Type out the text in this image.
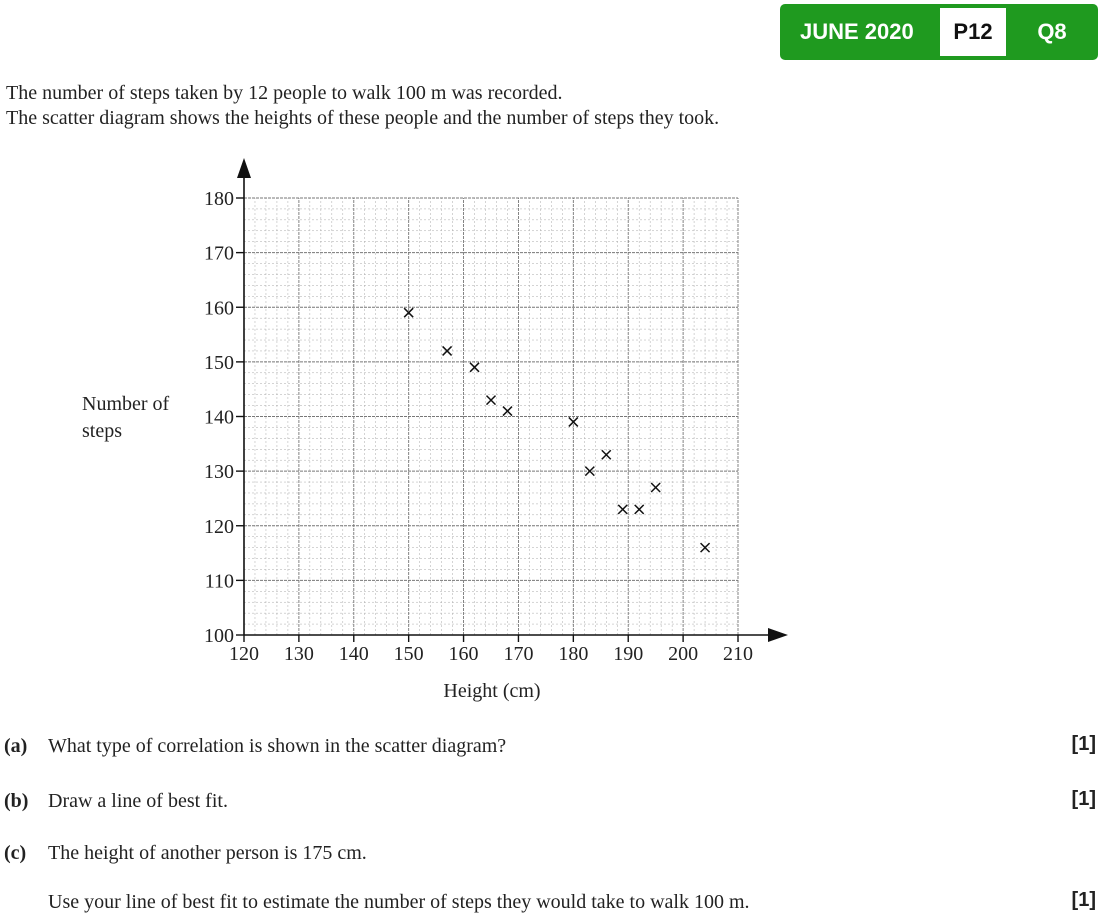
JUNE 2020	P12	Q8
The number of steps taken by 12 people to walk 100 m was recorded.
The scatter diagram shows the heights of these people and the number of steps they took.
100
110
120
130
140
150
160
170
180
120 130 140 150 160 170 180 190 200 210
Number of
steps
Height (cm)
(a) What type of correlation is shown in the scatter diagram?	[1]
(b) Draw a line of best fit.	[1]
(c) The height of another person is 175 cm.
Use your line of best fit to estimate the number of steps they would take to walk 100 m.	[1]
